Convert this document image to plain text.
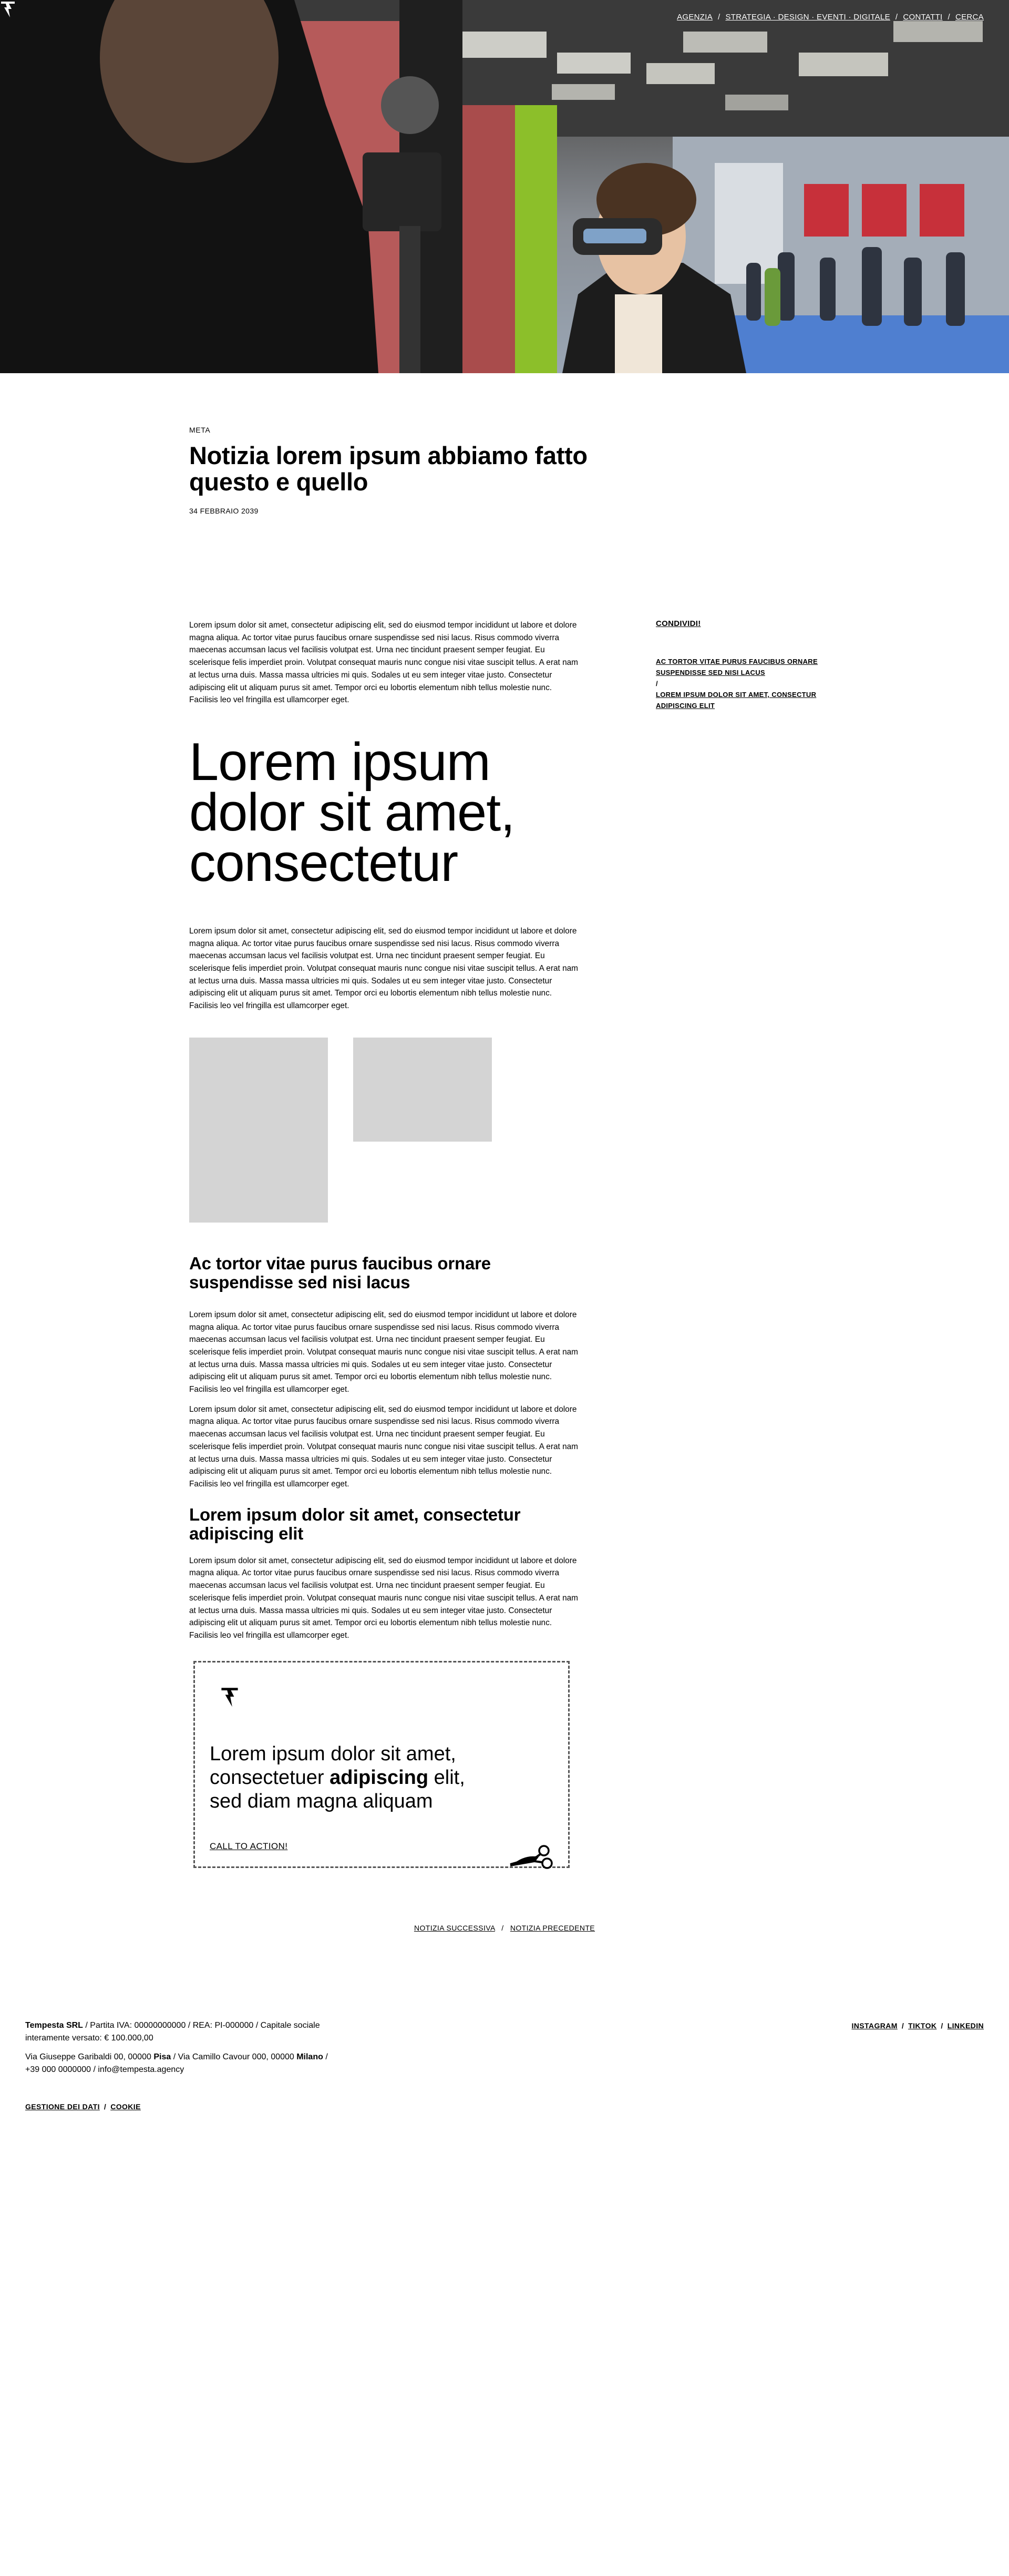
AGENZIA / STRATEGIA · DESIGN · EVENTI · DIGITALE / CONTATTI / CERCA
META
Notizia lorem ipsum abbiamo fatto questo e quello
34 FEBBRAIO 2039

Lorem ipsum dolor sit amet, consectetur adipiscing elit, sed do eiusmod tempor incididunt ut labore et dolore magna aliqua. Ac tortor vitae purus faucibus ornare suspendisse sed nisi lacus. Risus commodo viverra maecenas accumsan lacus vel facilisis volutpat est. Urna nec tincidunt praesent semper feugiat. Eu scelerisque felis imperdiet proin. Volutpat consequat mauris nunc congue nisi vitae suscipit tellus. A erat nam at lectus urna duis. Massa massa ultricies mi quis. Sodales ut eu sem integer vitae justo. Consectetur adipiscing elit ut aliquam purus sit amet. Tempor orci eu lobortis elementum nibh tellus molestie nunc. Facilisis leo vel fringilla est ullamcorper eget.

Lorem ipsum dolor sit amet, consectetur

Lorem ipsum dolor sit amet, consectetur adipiscing elit, sed do eiusmod tempor incididunt ut labore et dolore magna aliqua. Ac tortor vitae purus faucibus ornare suspendisse sed nisi lacus. Risus commodo viverra maecenas accumsan lacus vel facilisis volutpat est. Urna nec tincidunt praesent semper feugiat. Eu scelerisque felis imperdiet proin. Volutpat consequat mauris nunc congue nisi vitae suscipit tellus. A erat nam at lectus urna duis. Massa massa ultricies mi quis. Sodales ut eu sem integer vitae justo. Consectetur adipiscing elit ut aliquam purus sit amet. Tempor orci eu lobortis elementum nibh tellus molestie nunc. Facilisis leo vel fringilla est ullamcorper eget.

Ac tortor vitae purus faucibus ornare suspendisse sed nisi lacus

Lorem ipsum dolor sit amet, consectetur adipiscing elit, sed do eiusmod tempor incididunt ut labore et dolore magna aliqua. Ac tortor vitae purus faucibus ornare suspendisse sed nisi lacus. Risus commodo viverra maecenas accumsan lacus vel facilisis volutpat est. Urna nec tincidunt praesent semper feugiat. Eu scelerisque felis imperdiet proin. Volutpat consequat mauris nunc congue nisi vitae suscipit tellus. A erat nam at lectus urna duis. Massa massa ultricies mi quis. Sodales ut eu sem integer vitae justo. Consectetur adipiscing elit ut aliquam purus sit amet. Tempor orci eu lobortis elementum nibh tellus molestie nunc. Facilisis leo vel fringilla est ullamcorper eget.

Lorem ipsum dolor sit amet, consectetur adipiscing elit, sed do eiusmod tempor incididunt ut labore et dolore magna aliqua. Ac tortor vitae purus faucibus ornare suspendisse sed nisi lacus. Risus commodo viverra maecenas accumsan lacus vel facilisis volutpat est. Urna nec tincidunt praesent semper feugiat. Eu scelerisque felis imperdiet proin. Volutpat consequat mauris nunc congue nisi vitae suscipit tellus. A erat nam at lectus urna duis. Massa massa ultricies mi quis. Sodales ut eu sem integer vitae justo. Consectetur adipiscing elit ut aliquam purus sit amet. Tempor orci eu lobortis elementum nibh tellus molestie nunc. Facilisis leo vel fringilla est ullamcorper eget.

Lorem ipsum dolor sit amet, consectetur adipiscing elit

Lorem ipsum dolor sit amet, consectetur adipiscing elit, sed do eiusmod tempor incididunt ut labore et dolore magna aliqua. Ac tortor vitae purus faucibus ornare suspendisse sed nisi lacus. Risus commodo viverra maecenas accumsan lacus vel facilisis volutpat est. Urna nec tincidunt praesent semper feugiat. Eu scelerisque felis imperdiet proin. Volutpat consequat mauris nunc congue nisi vitae suscipit tellus. A erat nam at lectus urna duis. Massa massa ultricies mi quis. Sodales ut eu sem integer vitae justo. Consectetur adipiscing elit ut aliquam purus sit amet. Tempor orci eu lobortis elementum nibh tellus molestie nunc. Facilisis leo vel fringilla est ullamcorper eget.

CONDIVIDI!
AC TORTOR VITAE PURUS FAUCIBUS ORNARE SUSPENDISSE SED NISI LACUS
/
LOREM IPSUM DOLOR SIT AMET, CONSECTUR ADIPISCING ELIT
Lorem ipsum dolor sit amet, consectetuer adipiscing elit, sed diam magna aliquam
CALL TO ACTION!
NOTIZIA SUCCESSIVA / NOTIZIA PRECEDENTE
Tempesta SRL / Partita IVA: 00000000000 / REA: PI-000000 / Capitale sociale interamente versato: € 100.000,00
Via Giuseppe Garibaldi 00, 00000 Pisa / Via Camillo Cavour 000, 00000 Milano /
+39 000 0000000 / info@tempesta.agency
INSTAGRAM / TIKTOK / LINKEDIN
GESTIONE DEI DATI / COOKIE
